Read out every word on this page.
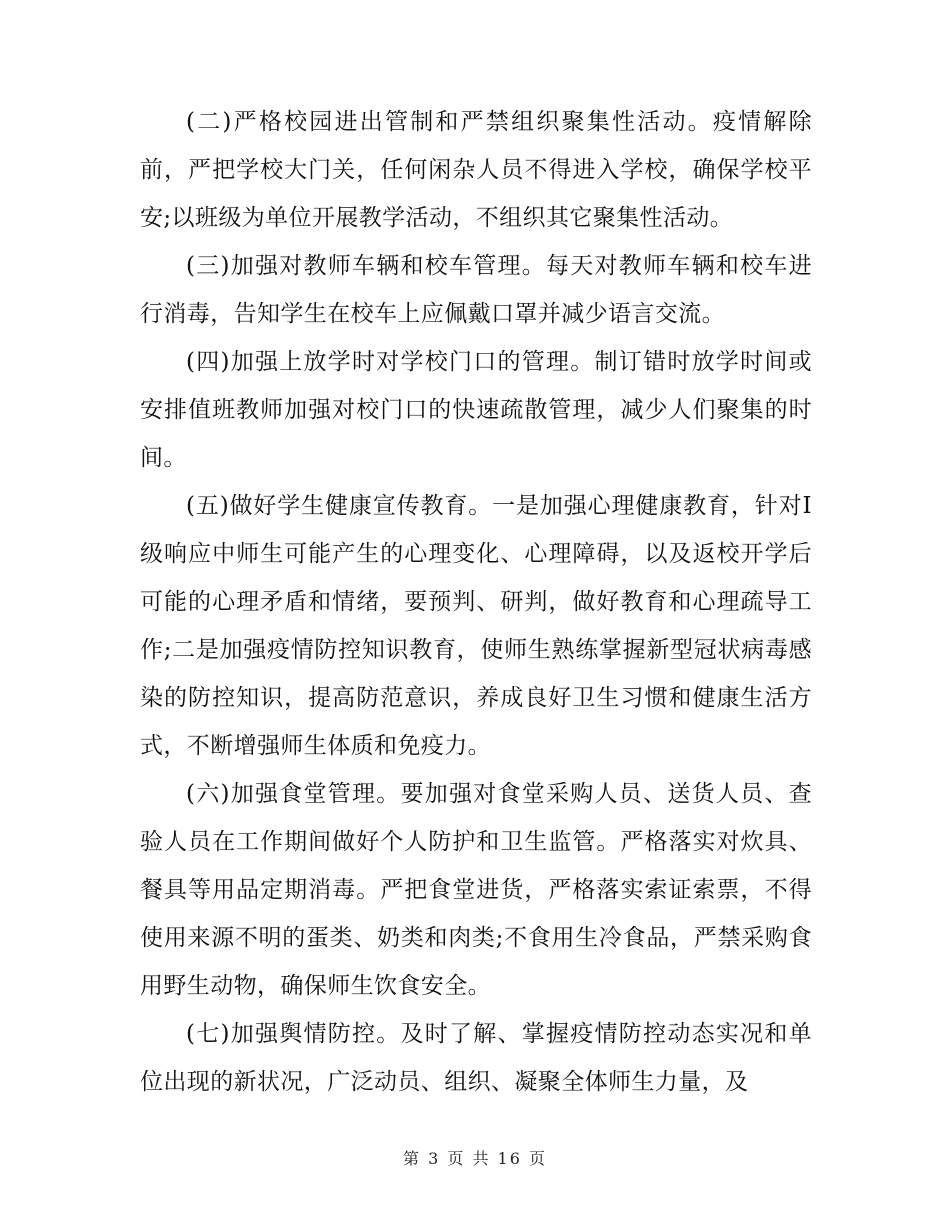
(二)严格校园进出管制和严禁组织聚集性活动。疫情解除前，严把学校大门关，任何闲杂人员不得进入学校，确保学校平安;以班级为单位开展教学活动，不组织其它聚集性活动。

(三)加强对教师车辆和校车管理。每天对教师车辆和校车进行消毒，告知学生在校车上应佩戴口罩并减少语言交流。

(四)加强上放学时对学校门口的管理。制订错时放学时间或安排值班教师加强对校门口的快速疏散管理，减少人们聚集的时间。

(五)做好学生健康宣传教育。一是加强心理健康教育，针对Ⅰ级响应中师生可能产生的心理变化、心理障碍，以及返校开学后可能的心理矛盾和情绪，要预判、研判，做好教育和心理疏导工作;二是加强疫情防控知识教育，使师生熟练掌握新型冠状病毒感染的防控知识，提高防范意识，养成良好卫生习惯和健康生活方式，不断增强师生体质和免疫力。

(六)加强食堂管理。要加强对食堂采购人员、送货人员、查验人员在工作期间做好个人防护和卫生监管。严格落实对炊具、餐具等用品定期消毒。严把食堂进货，严格落实索证索票，不得使用来源不明的蛋类、奶类和肉类;不食用生冷食品，严禁采购食用野生动物，确保师生饮食安全。

(七)加强舆情防控。及时了解、掌握疫情防控动态实况和单位出现的新状况，广泛动员、组织、凝聚全体师生力量，及

第 3 页 共 16 页
